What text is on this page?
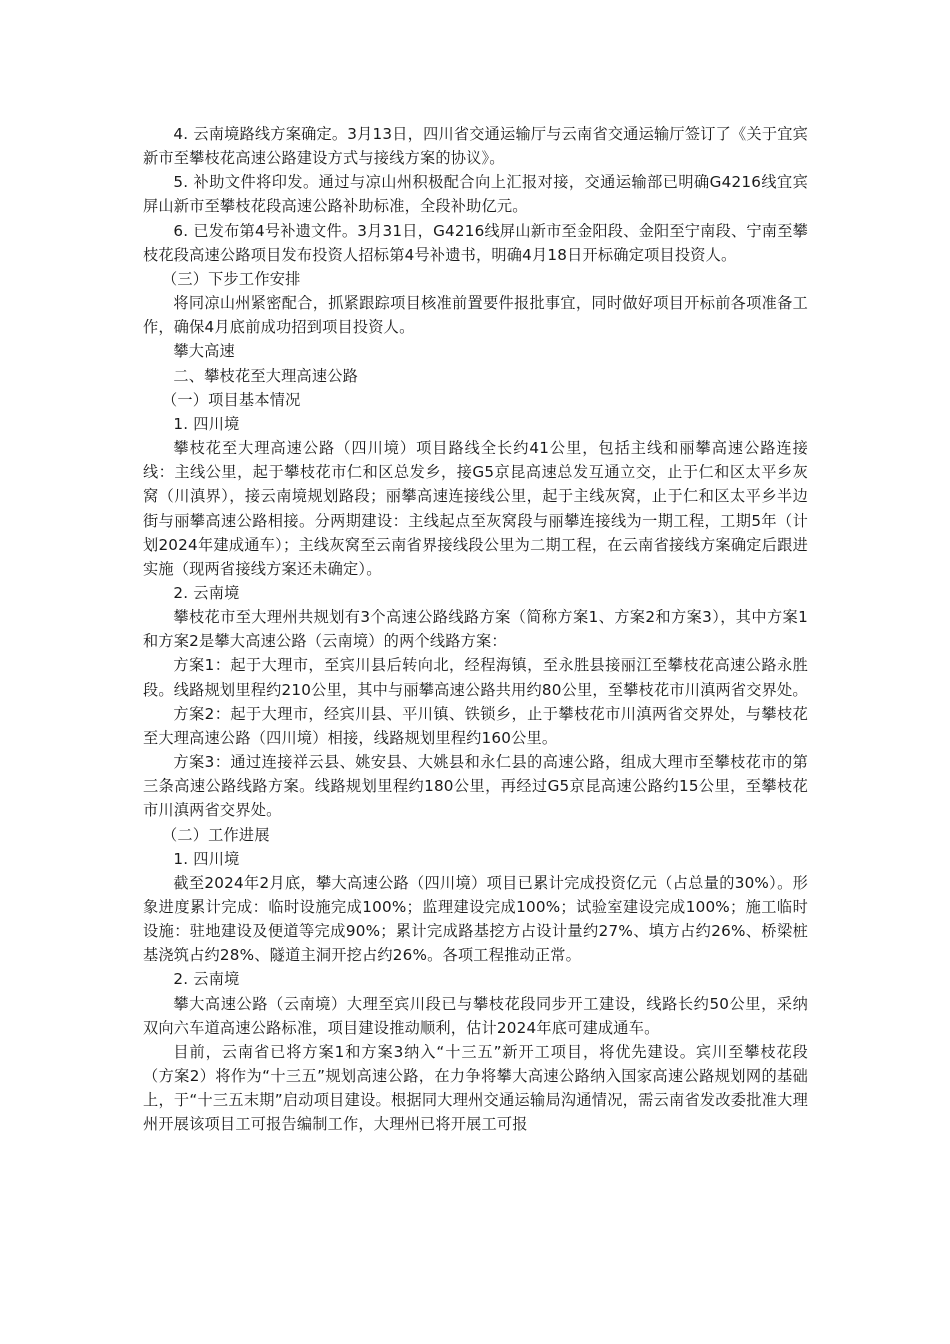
4. 云南境路线方案确定。3月13日，四川省交通运输厅与云南省交通运输厅签订了《关于宜宾新市至攀枝花高速公路建设方式与接线方案的协议》。

5. 补助文件将印发。通过与凉山州积极配合向上汇报对接，交通运输部已明确G4216线宜宾屏山新市至攀枝花段高速公路补助标准，全段补助亿元。

6. 已发布第4号补遗文件。3月31日，G4216线屏山新市至金阳段、金阳至宁南段、宁南至攀枝花段高速公路项目发布投资人招标第4号补遗书，明确4月18日开标确定项目投资人。

（三）下步工作安排

将同凉山州紧密配合，抓紧跟踪项目核准前置要件报批事宜，同时做好项目开标前各项准备工作，确保4月底前成功招到项目投资人。

攀大高速

二、攀枝花至大理高速公路

（一）项目基本情况

1. 四川境

攀枝花至大理高速公路（四川境）项目路线全长约41公里，包括主线和丽攀高速公路连接线：主线公里，起于攀枝花市仁和区总发乡，接G5京昆高速总发互通立交，止于仁和区太平乡灰窝（川滇界），接云南境规划路段；丽攀高速连接线公里，起于主线灰窝，止于仁和区太平乡半边街与丽攀高速公路相接。分两期建设：主线起点至灰窝段与丽攀连接线为一期工程，工期5年（计划2024年建成通车）；主线灰窝至云南省界接线段公里为二期工程，在云南省接线方案确定后跟进实施（现两省接线方案还未确定）。

2. 云南境

攀枝花市至大理州共规划有3个高速公路线路方案（简称方案1、方案2和方案3），其中方案1和方案2是攀大高速公路（云南境）的两个线路方案：

方案1：起于大理市，至宾川县后转向北，经程海镇，至永胜县接丽江至攀枝花高速公路永胜段。线路规划里程约210公里，其中与丽攀高速公路共用约80公里，至攀枝花市川滇两省交界处。

方案2：起于大理市，经宾川县、平川镇、铁锁乡，止于攀枝花市川滇两省交界处，与攀枝花至大理高速公路（四川境）相接，线路规划里程约160公里。

方案3：通过连接祥云县、姚安县、大姚县和永仁县的高速公路，组成大理市至攀枝花市的第三条高速公路线路方案。线路规划里程约180公里，再经过G5京昆高速公路约15公里，至攀枝花市川滇两省交界处。

（二）工作进展

1. 四川境

截至2024年2月底，攀大高速公路（四川境）项目已累计完成投资亿元（占总量的30%）。形象进度累计完成：临时设施完成100%；监理建设完成100%；试验室建设完成100%；施工临时设施：驻地建设及便道等完成90%；累计完成路基挖方占设计量约27%、填方占约26%、桥梁桩基浇筑占约28%、隧道主洞开挖占约26%。各项工程推动正常。

2. 云南境

攀大高速公路（云南境）大理至宾川段已与攀枝花段同步开工建设，线路长约50公里，采纳双向六车道高速公路标准，项目建设推动顺利，估计2024年底可建成通车。

目前，云南省已将方案1和方案3纳入“十三五”新开工项目，将优先建设。宾川至攀枝花段（方案2）将作为“十三五”规划高速公路，在力争将攀大高速公路纳入国家高速公路规划网的基础上，于“十三五末期”启动项目建设。根据同大理州交通运输局沟通情况，需云南省发改委批准大理州开展该项目工可报告编制工作，大理州已将开展工可报
